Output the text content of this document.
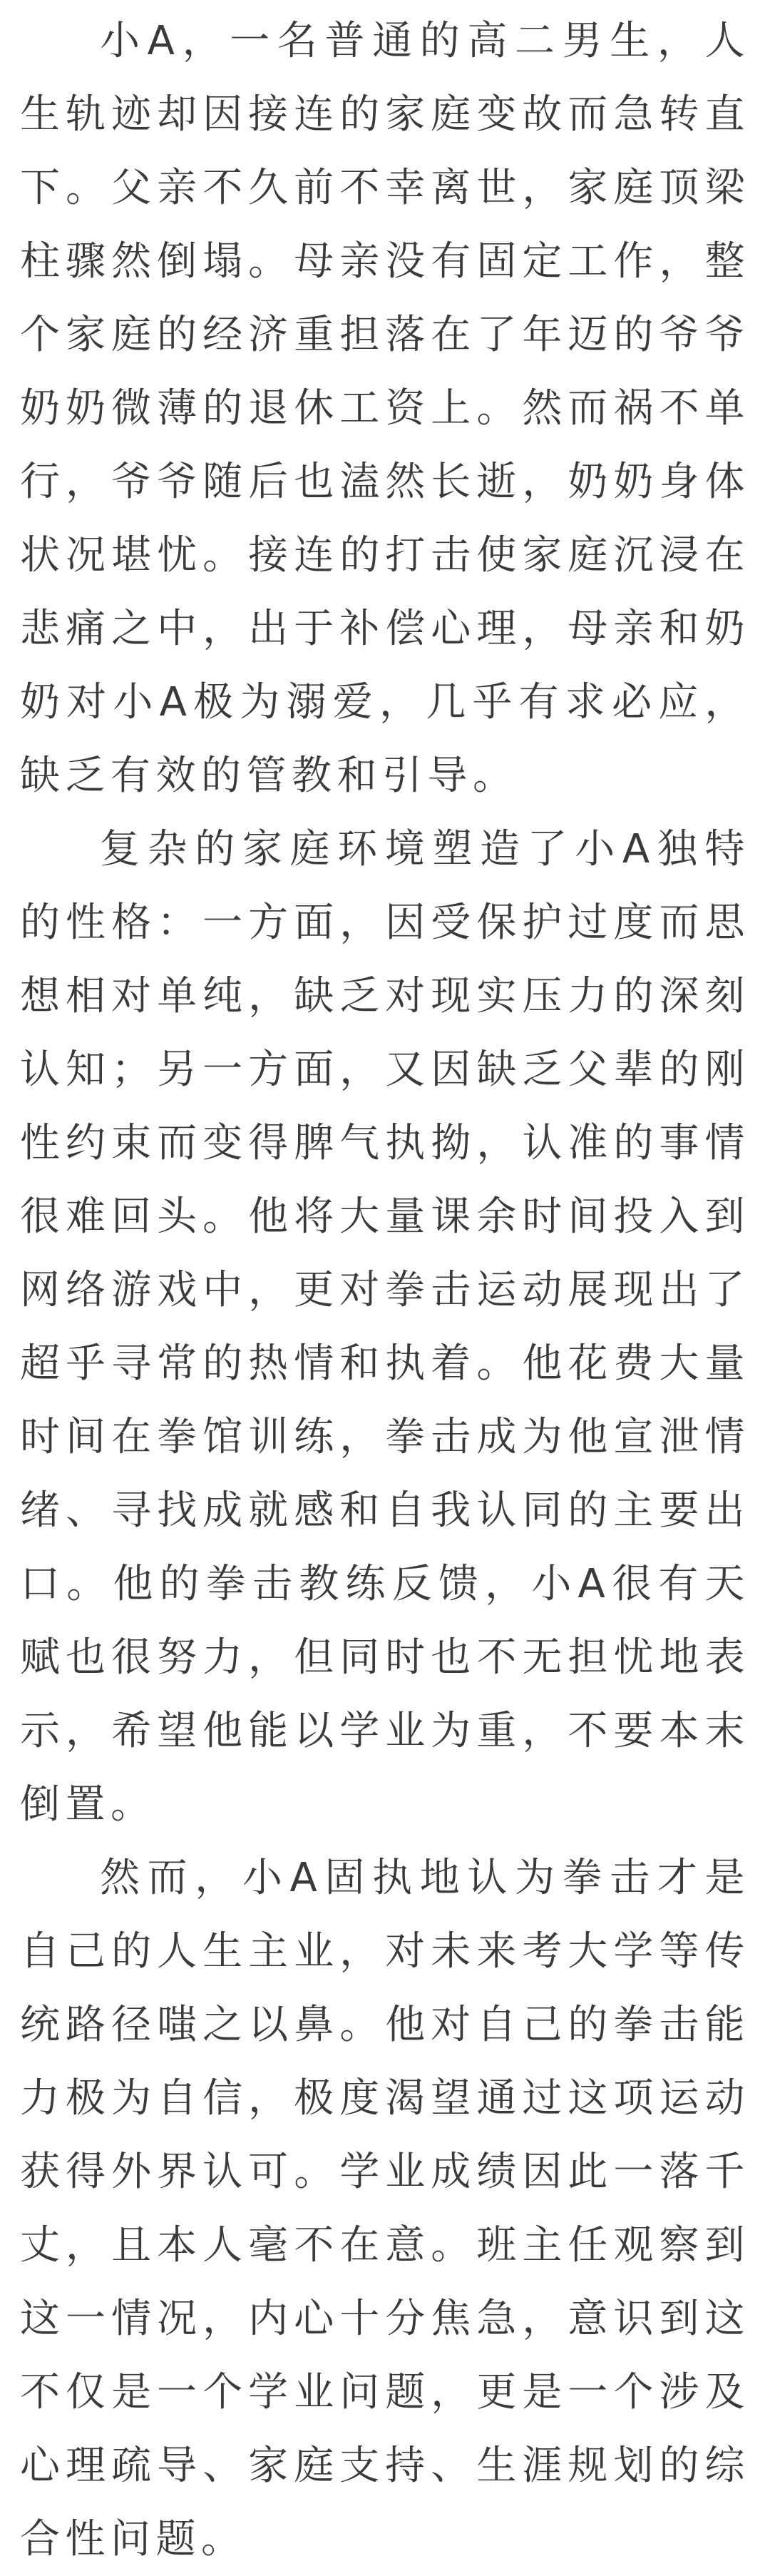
小A，一名普通的高二男生，人生轨迹却因接连的家庭变故而急转直下。父亲不久前不幸离世，家庭顶梁柱骤然倒塌。母亲没有固定工作，整个家庭的经济重担落在了年迈的爷爷奶奶微薄的退休工资上。然而祸不单行，爷爷随后也溘然长逝，奶奶身体状况堪忧。接连的打击使家庭沉浸在悲痛之中，出于补偿心理，母亲和奶奶对小A极为溺爱，几乎有求必应，缺乏有效的管教和引导。

复杂的家庭环境塑造了小A独特的性格：一方面，因受保护过度而思想相对单纯，缺乏对现实压力的深刻认知；另一方面，又因缺乏父辈的刚性约束而变得脾气执拗，认准的事情很难回头。他将大量课余时间投入到网络游戏中，更对拳击运动展现出了超乎寻常的热情和执着。他花费大量时间在拳馆训练，拳击成为他宣泄情绪、寻找成就感和自我认同的主要出口。他的拳击教练反馈，小A很有天赋也很努力，但同时也不无担忧地表示，希望他能以学业为重，不要本末倒置。

然而，小A固执地认为拳击才是自己的人生主业，对未来考大学等传统路径嗤之以鼻。他对自己的拳击能力极为自信，极度渴望通过这项运动获得外界认可。学业成绩因此一落千丈，且本人毫不在意。班主任观察到这一情况，内心十分焦急，意识到这不仅是一个学业问题，更是一个涉及心理疏导、家庭支持、生涯规划的综合性问题。
